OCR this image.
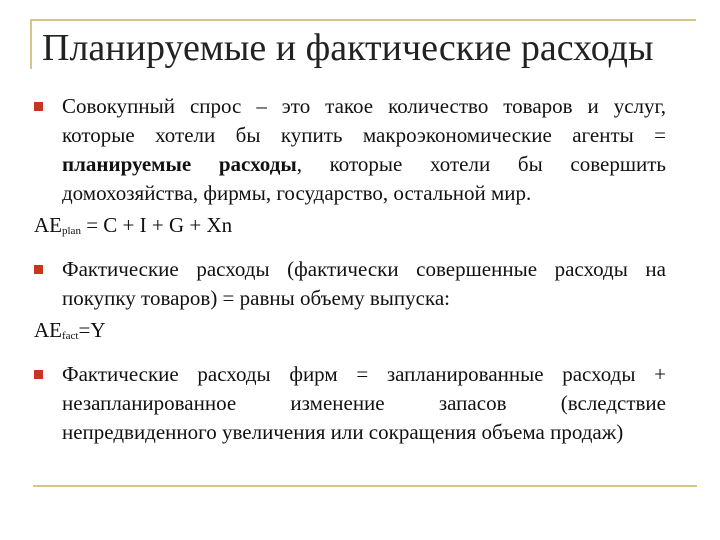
Планируемые и фактические расходы
Совокупный спрос – это такое количество товаров и услуг, которые хотели бы купить макроэкономические агенты = планируемые расходы, которые хотели бы совершить домохозяйства, фирмы, государство, остальной мир.
$AE_{plan} = C + I + G + Xn$
Фактические расходы (фактически совершенные расходы на покупку товаров) = равны объему выпуска:
$AE_{fact}=Y$
Фактические расходы фирм = запланированные расходы + незапланированное изменение запасов (вследствие непредвиденного увеличения или сокращения объема продаж)
